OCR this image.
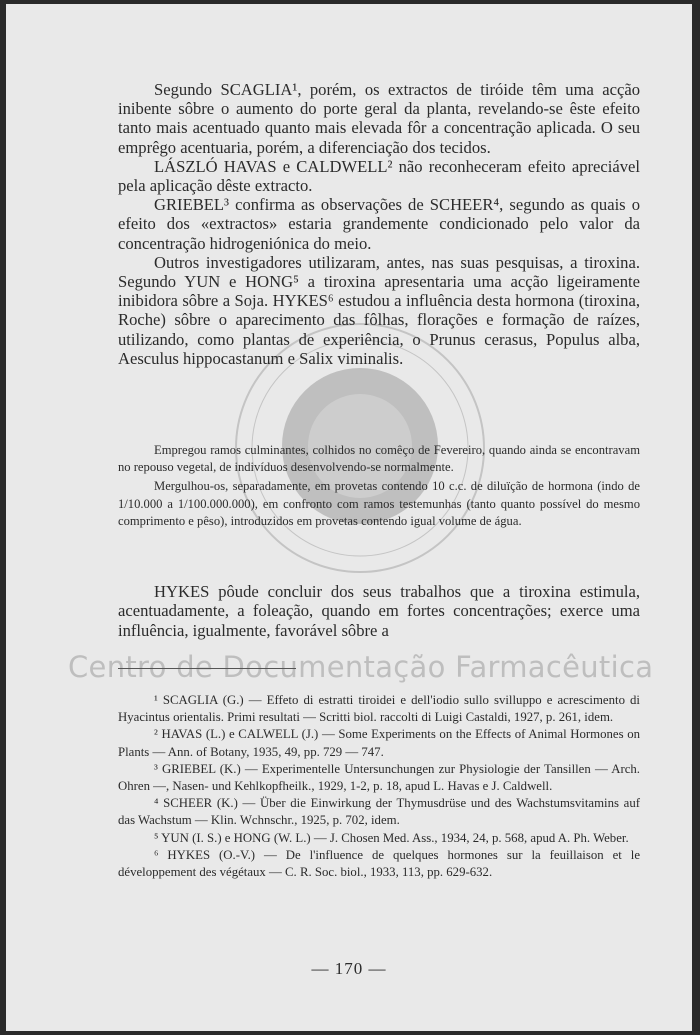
Segundo SCAGLIA¹, porém, os extractos de tiróide têm uma acção inibente sôbre o aumento do porte geral da planta, revelando-se êste efeito tanto mais acentuado quanto mais elevada fôr a concentração aplicada. O seu emprêgo acentuaria, porém, a diferenciação dos tecidos.

LÁSZLÓ HAVAS e CALDWELL² não reconheceram efeito apreciável pela aplicação dêste extracto.

GRIEBEL³ confirma as observações de SCHEER⁴, segundo as quais o efeito dos «extractos» estaria grandemente condicionado pelo valor da concentração hidrogeniónica do meio.

Outros investigadores utilizaram, antes, nas suas pesquisas, a tiroxina. Segundo YUN e HONG⁵ a tiroxina apresentaria uma acção ligeiramente inibidora sôbre a Soja. HYKES⁶ estudou a influência desta hormona (tiroxina, Roche) sôbre o aparecimento das fôlhas, florações e formação de raízes, utilizando, como plantas de experiência, o Prunus cerasus, Populus alba, Aesculus hippocastanum e Salix viminalis.

Empregou ramos culminantes, colhidos no comêço de Fevereiro, quando ainda se encontravam no repouso vegetal, de indivíduos desenvolvendo-se normalmente.

Mergulhou-os, separadamente, em provetas contendo 10 c.c. de diluïção de hormona (indo de 1/10.000 a 1/100.000.000), em confronto com ramos testemunhas (tanto quanto possível do mesmo comprimento e pêso), introduzidos em provetas contendo igual volume de água.

HYKES pôude concluir dos seus trabalhos que a tiroxina estimula, acentuadamente, a foleação, quando em fortes concentrações; exerce uma influência, igualmente, favorável sôbre a

Centro de Documentação Farmacêutica

¹ SCAGLIA (G.) — Effeto di estratti tiroidei e dell'iodio sullo svilluppo e acrescimento di Hyacintus orientalis. Primi resultati — Scritti biol. raccolti di Luigi Castaldi, 1927, p. 261, idem.

² HAVAS (L.) e CALWELL (J.) — Some Experiments on the Effects of Animal Hormones on Plants — Ann. of Botany, 1935, 49, pp. 729 — 747.

³ GRIEBEL (K.) — Experimentelle Untersunchungen zur Physiologie der Tansillen — Arch. Ohren —, Nasen- und Kehlkopfheilk., 1929, 1-2, p. 18, apud L. Havas e J. Caldwell.

⁴ SCHEER (K.) — Über die Einwirkung der Thymusdrüse und des Wachstumsvitamins auf das Wachstum — Klin. Wchnschr., 1925, p. 702, idem.

⁵ YUN (I. S.) e HONG (W. L.) — J. Chosen Med. Ass., 1934, 24, p. 568, apud A. Ph. Weber.

⁶ HYKES (O.-V.) — De l'influence de quelques hormones sur la feuillaison et le développement des végétaux — C. R. Soc. biol., 1933, 113, pp. 629-632.

— 170 —
